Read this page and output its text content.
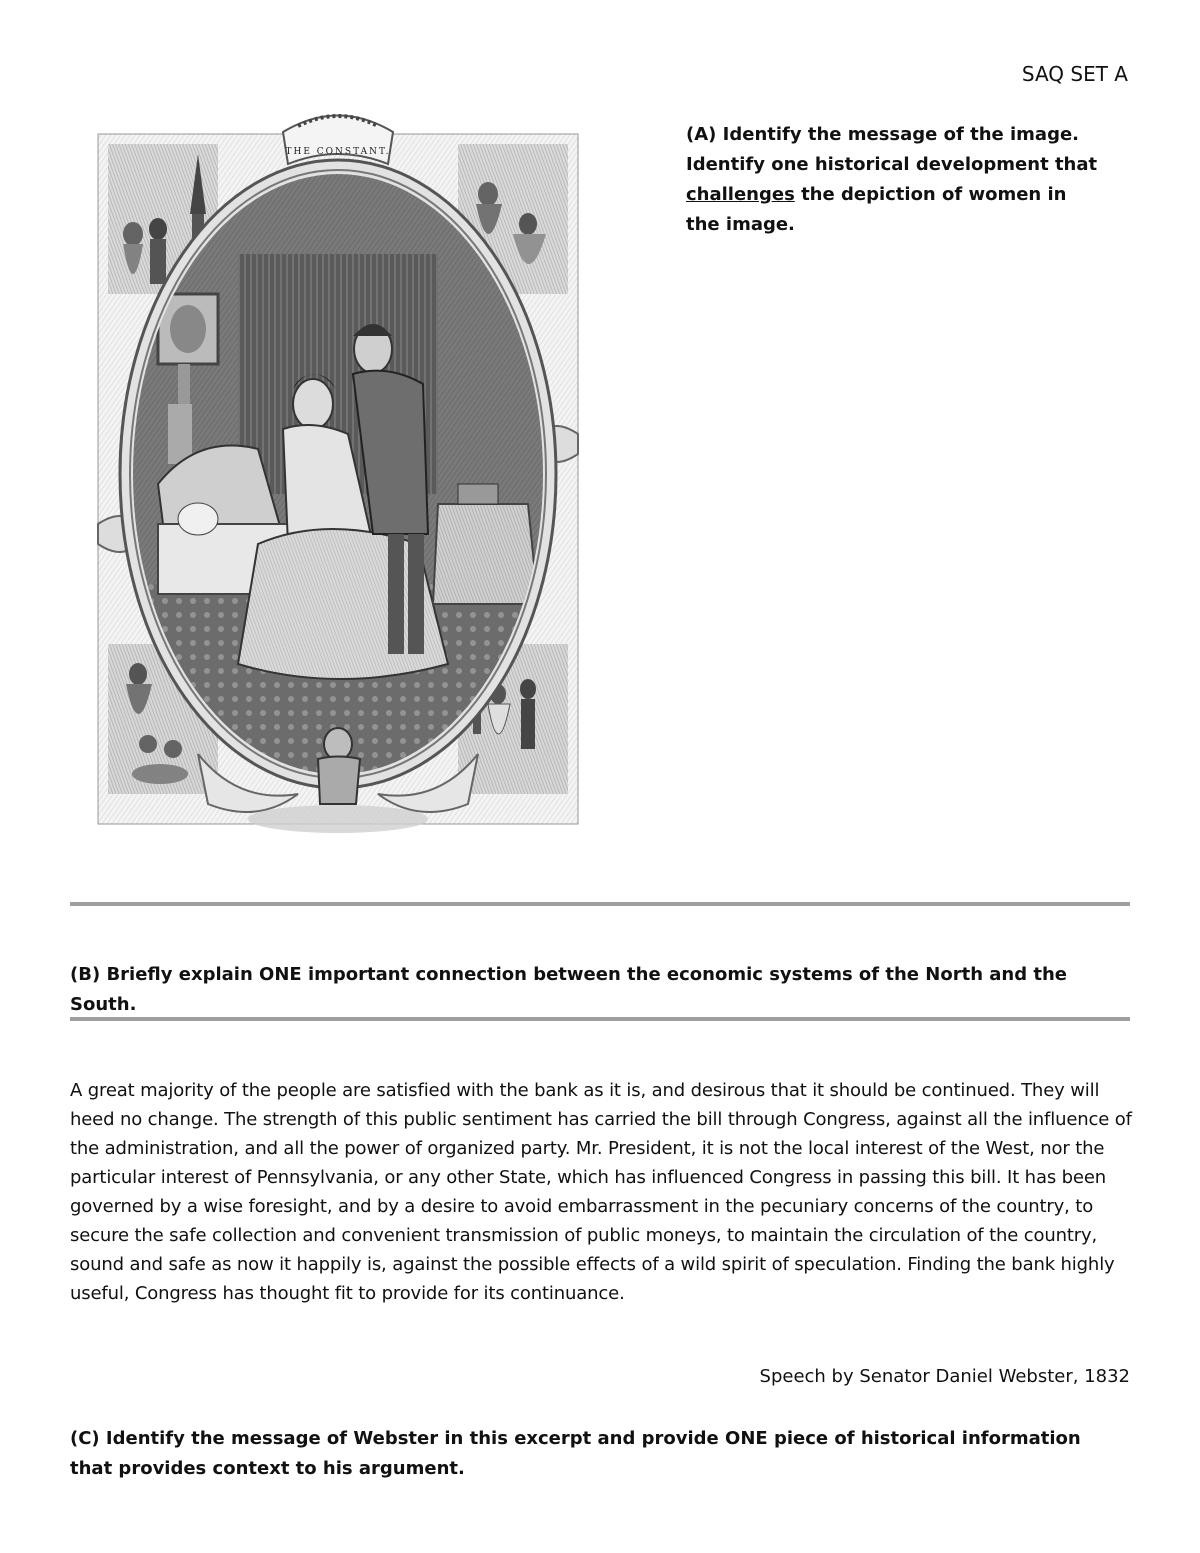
SAQ SET A
THE CONSTANT.
(A) Identify the message of the image. Identify one historical development that challenges the depiction of women in the image.
(B) Briefly explain ONE important connection between the economic systems of the North and the South.
A great majority of the people are satisfied with the bank as it is, and desirous that it should be continued. They will heed no change. The strength of this public sentiment has carried the bill through Congress, against all the influence of the administration, and all the power of organized party. Mr. President, it is not the local interest of the West, nor the particular interest of Pennsylvania, or any other State, which has influenced Congress in passing this bill. It has been governed by a wise foresight, and by a desire to avoid embarrassment in the pecuniary concerns of the country, to secure the safe collection and convenient transmission of public moneys, to maintain the circulation of the country, sound and safe as now it happily is, against the possible effects of a wild spirit of speculation. Finding the bank highly useful, Congress has thought fit to provide for its continuance.
Speech by Senator Daniel Webster, 1832
(C) Identify the message of Webster in this excerpt and provide ONE piece of historical information that provides context to his argument.
